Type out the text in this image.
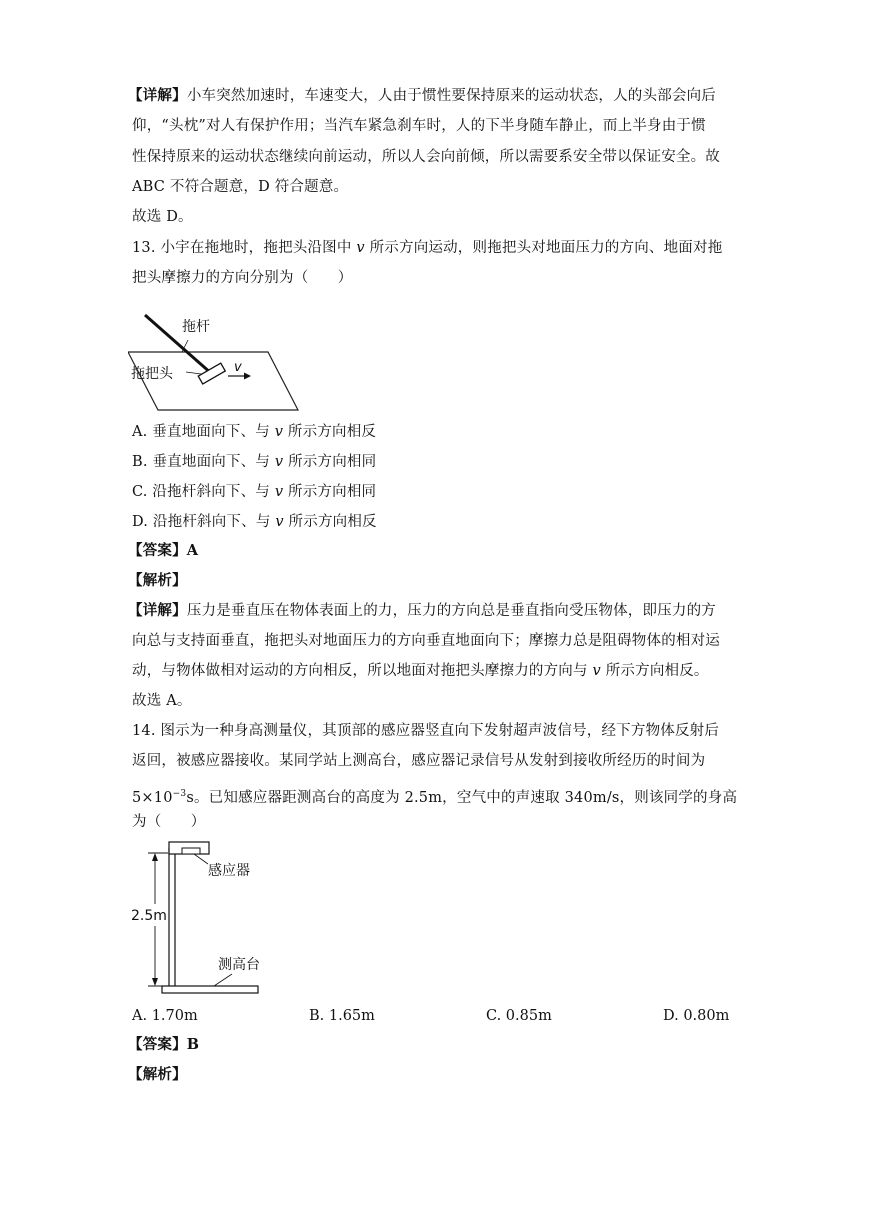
【详解】小车突然加速时，车速变大，人由于惯性要保持原来的运动状态，人的头部会向后
仰，“头枕”对人有保护作用；当汽车紧急刹车时，人的下半身随车静止，而上半身由于惯
性保持原来的运动状态继续向前运动，所以人会向前倾，所以需要系安全带以保证安全。故
ABC 不符合题意，D 符合题意。
故选 D。
13. 小宇在拖地时，拖把头沿图中 v 所示方向运动，则拖把头对地面压力的方向、地面对拖
把头摩擦力的方向分别为（　　）
拖杆
拖把头	v
A. 垂直地面向下、与 v 所示方向相反
B. 垂直地面向下、与 v 所示方向相同
C. 沿拖杆斜向下、与 v 所示方向相同
D. 沿拖杆斜向下、与 v 所示方向相反
【答案】A
【解析】
【详解】压力是垂直压在物体表面上的力，压力的方向总是垂直指向受压物体，即压力的方
向总与支持面垂直，拖把头对地面压力的方向垂直地面向下；摩擦力总是阻碍物体的相对运
动，与物体做相对运动的方向相反，所以地面对拖把头摩擦力的方向与 v 所示方向相反。
故选 A。
14. 图示为一种身高测量仪，其顶部的感应器竖直向下发射超声波信号，经下方物体反射后
返回，被感应器接收。某同学站上测高台，感应器记录信号从发射到接收所经历的时间为
$5\times 10^{-3}s$。已知感应器距测高台的高度为 2.5m，空气中的声速取 340m/s，则该同学的身高
为（　　）
2.5m
感应器
测高台
A. 1.70m	B. 1.65m	C. 0.85m	D. 0.80m
【答案】B
【解析】
